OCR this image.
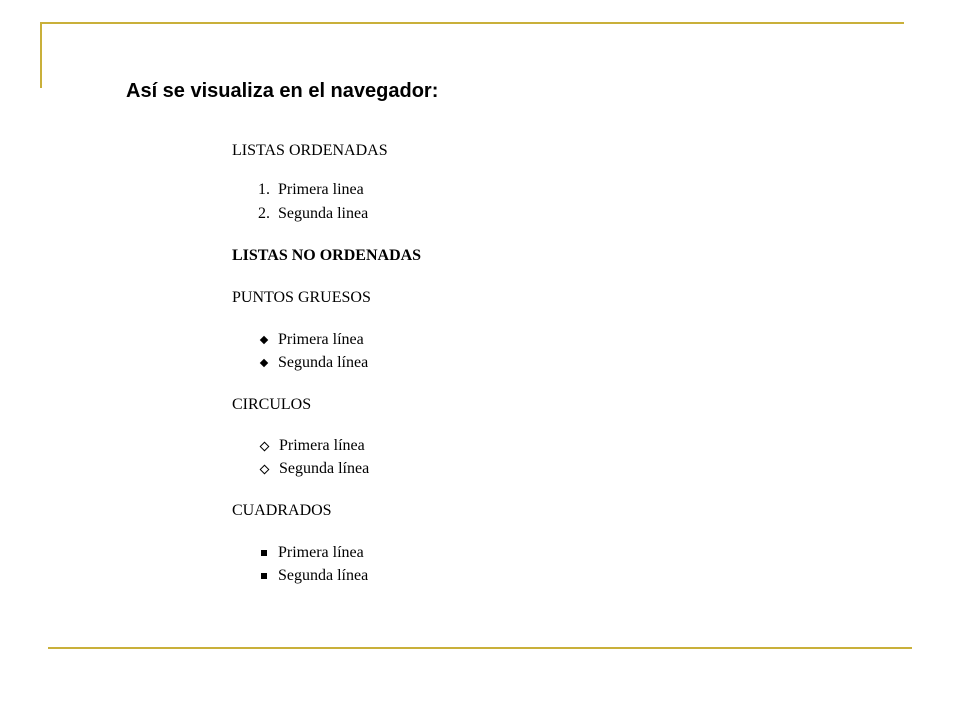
Así se visualiza en el navegador:

LISTAS ORDENADAS

1. Primera linea
2. Segunda linea

LISTAS NO ORDENADAS

PUNTOS GRUESOS

Primera línea
Segunda línea

CIRCULOS

Primera línea
Segunda línea

CUADRADOS

Primera línea
Segunda línea
